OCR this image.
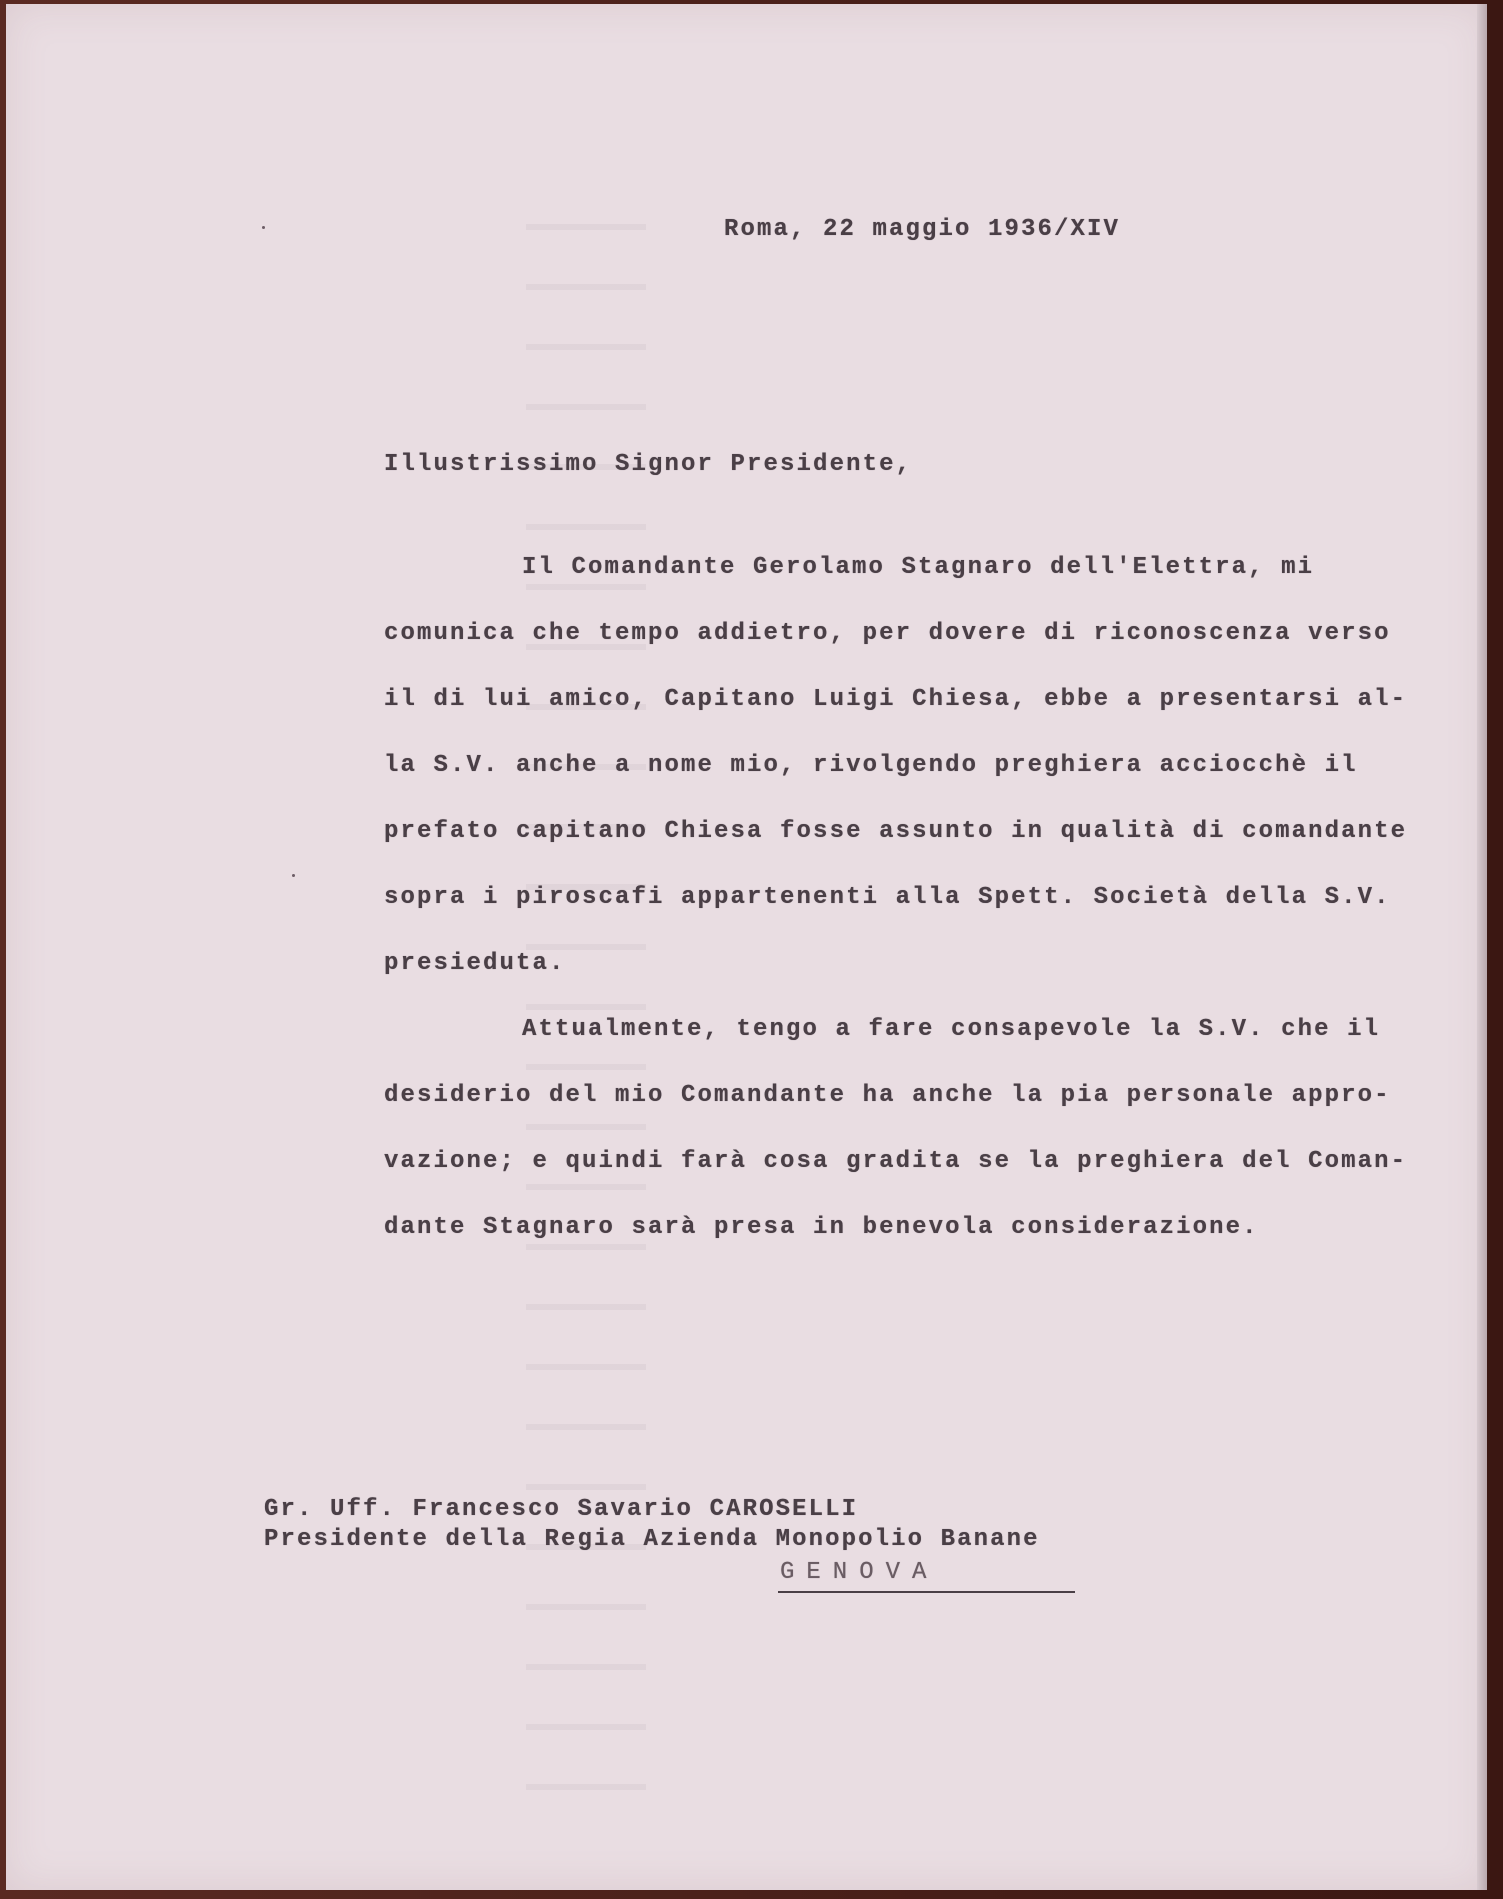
Roma, 22 maggio 1936/XIV
Illustrissimo Signor Presidente,
Il Comandante Gerolamo Stagnaro dell'Elettra, mi
comunica che tempo addietro, per dovere di riconoscenza verso
il di lui amico, Capitano Luigi Chiesa, ebbe a presentarsi al-
la S.V. anche a nome mio, rivolgendo preghiera acciocchè il
prefato capitano Chiesa fosse assunto in qualità di comandante
sopra i piroscafi appartenenti alla Spett. Società della S.V.
presieduta.
Attualmente, tengo a fare consapevole la S.V. che il
desiderio del mio Comandante ha anche la pia personale appro-
vazione; e quindi farà cosa gradita se la preghiera del Coman-
dante Stagnaro sarà presa in benevola considerazione.
Gr. Uff. Francesco Savario CAROSELLI
Presidente della Regia Azienda Monopolio Banane
GENOVA
